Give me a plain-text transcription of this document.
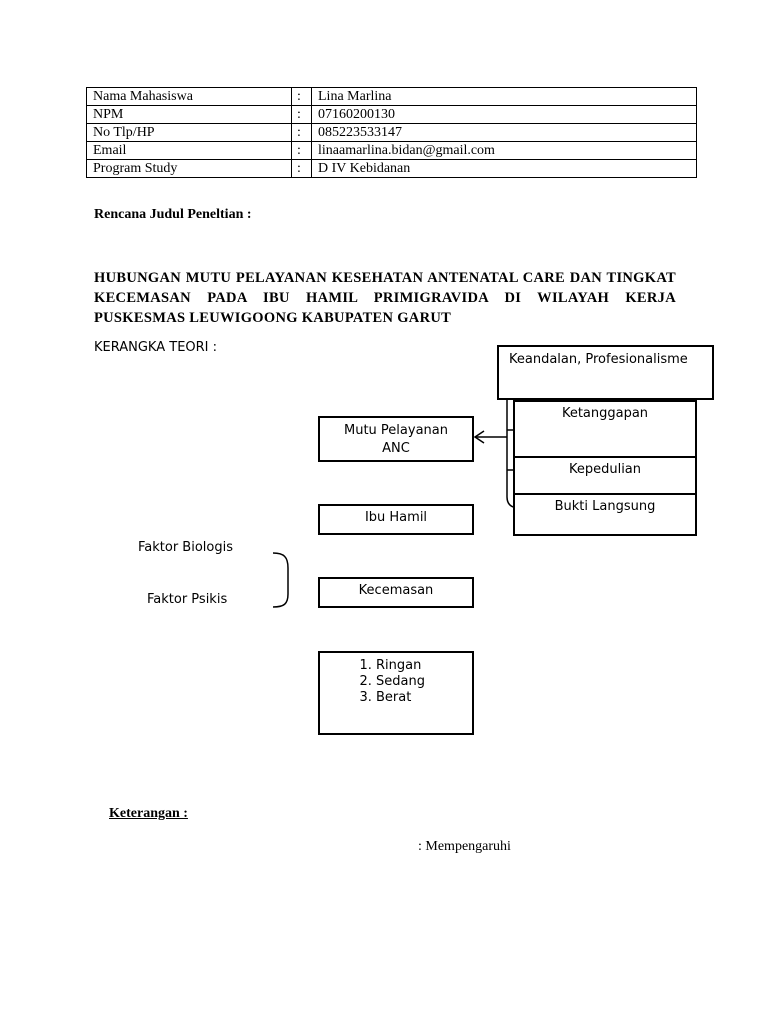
Nama Mahasiswa	:	Lina Marlina
NPM	:	07160200130
No Tlp/HP	:	085223533147
Email	:	linaamarlina.bidan@gmail.com
Program Study	:	D IV Kebidanan
Rencana Judul Peneltian :
HUBUNGAN MUTU PELAYANAN KESEHATAN ANTENATAL CARE DAN TINGKAT KECEMASAN PADA IBU HAMIL PRIMIGRAVIDA DI WILAYAH KERJA PUSKESMAS LEUWIGOONG KABUPATEN GARUT
KERANGKA TEORI :
Keandalan, Profesionalisme
Ketanggapan
Kepedulian
Bukti Langsung
Mutu Pelayanan ANC
Ibu Hamil
Faktor Biologis
Faktor Psikis
Kecemasan
1. Ringan
2. Sedang
3. Berat
Keterangan :
: Mempengaruhi
